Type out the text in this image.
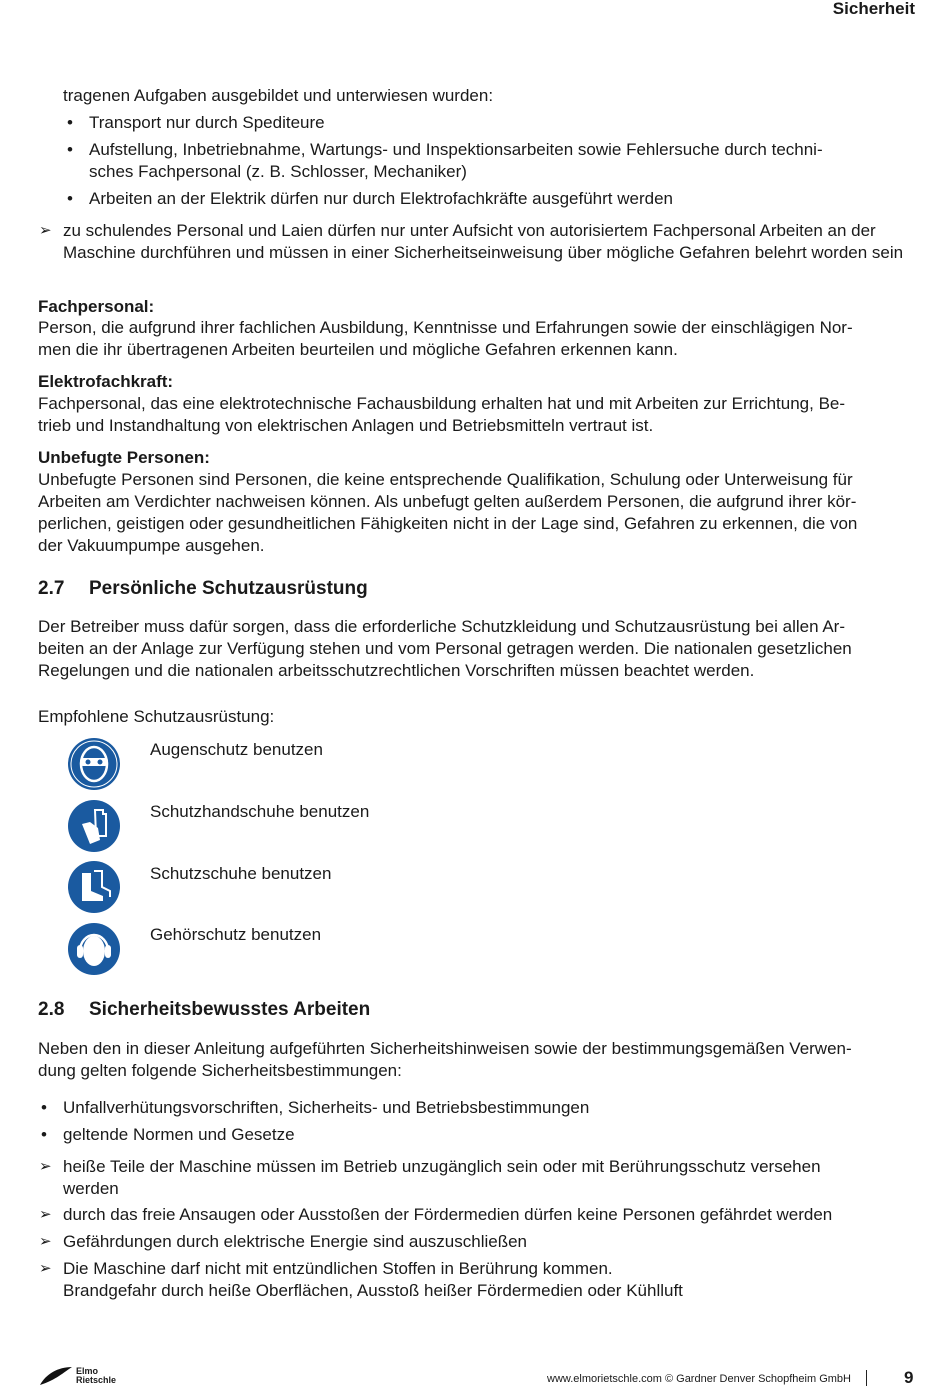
Sicherheit
tragenen Aufgaben ausgebildet und unterwiesen wurden:
• Transport nur durch Spediteure
• Aufstellung, Inbetriebnahme, Wartungs- und Inspektionsarbeiten sowie Fehlersuche durch techni-
sches Fachpersonal (z. B. Schlosser, Mechaniker)
• Arbeiten an der Elektrik dürfen nur durch Elektrofachkräfte ausgeführt werden
➢ zu schulendes Personal und Laien dürfen nur unter Aufsicht von autorisiertem Fachpersonal Arbeiten an der Maschine durchführen und müssen in einer Sicherheitseinweisung über mögliche Gefahren belehrt worden sein
Fachpersonal:
Person, die aufgrund ihrer fachlichen Ausbildung, Kenntnisse und Erfahrungen sowie der einschlägigen Nor-
men die ihr übertragenen Arbeiten beurteilen und mögliche Gefahren erkennen kann.
Elektrofachkraft:
Fachpersonal, das eine elektrotechnische Fachausbildung erhalten hat und mit Arbeiten zur Errichtung, Be-
trieb und Instandhaltung von elektrischen Anlagen und Betriebsmitteln vertraut ist.
Unbefugte Personen:
Unbefugte Personen sind Personen, die keine entsprechende Qualifikation, Schulung oder Unterweisung für
Arbeiten am Verdichter nachweisen können. Als unbefugt gelten außerdem Personen, die aufgrund ihrer kör-
perlichen, geistigen oder gesundheitlichen Fähigkeiten nicht in der Lage sind, Gefahren zu erkennen, die von
der Vakuumpumpe ausgehen.
2.7 Persönliche Schutzausrüstung
Der Betreiber muss dafür sorgen, dass die erforderliche Schutzkleidung und Schutzausrüstung bei allen Ar-
beiten an der Anlage zur Verfügung stehen und vom Personal getragen werden. Die nationalen gesetzlichen
Regelungen und die nationalen arbeitsschutzrechtlichen Vorschriften müssen beachtet werden.
Empfohlene Schutzausrüstung:
Augenschutz benutzen
Schutzhandschuhe benutzen
Schutzschuhe benutzen
Gehörschutz benutzen
2.8 Sicherheitsbewusstes Arbeiten
Neben den in dieser Anleitung aufgeführten Sicherheitshinweisen sowie der bestimmungsgemäßen Verwen-
dung gelten folgende Sicherheitsbestimmungen:
• Unfallverhütungsvorschriften, Sicherheits- und Betriebsbestimmungen
• geltende Normen und Gesetze
➢ heiße Teile der Maschine müssen im Betrieb unzugänglich sein oder mit Berührungsschutz versehen
werden
➢ durch das freie Ansaugen oder Ausstoßen der Fördermedien dürfen keine Personen gefährdet werden
➢ Gefährdungen durch elektrische Energie sind auszuschließen
➢ Die Maschine darf nicht mit entzündlichen Stoffen in Berührung kommen.
Brandgefahr durch heiße Oberflächen, Ausstoß heißer Fördermedien oder Kühlluft
Elmo
Rietschle	www.elmorietschle.com © Gardner Denver Schopfheim GmbH	9
